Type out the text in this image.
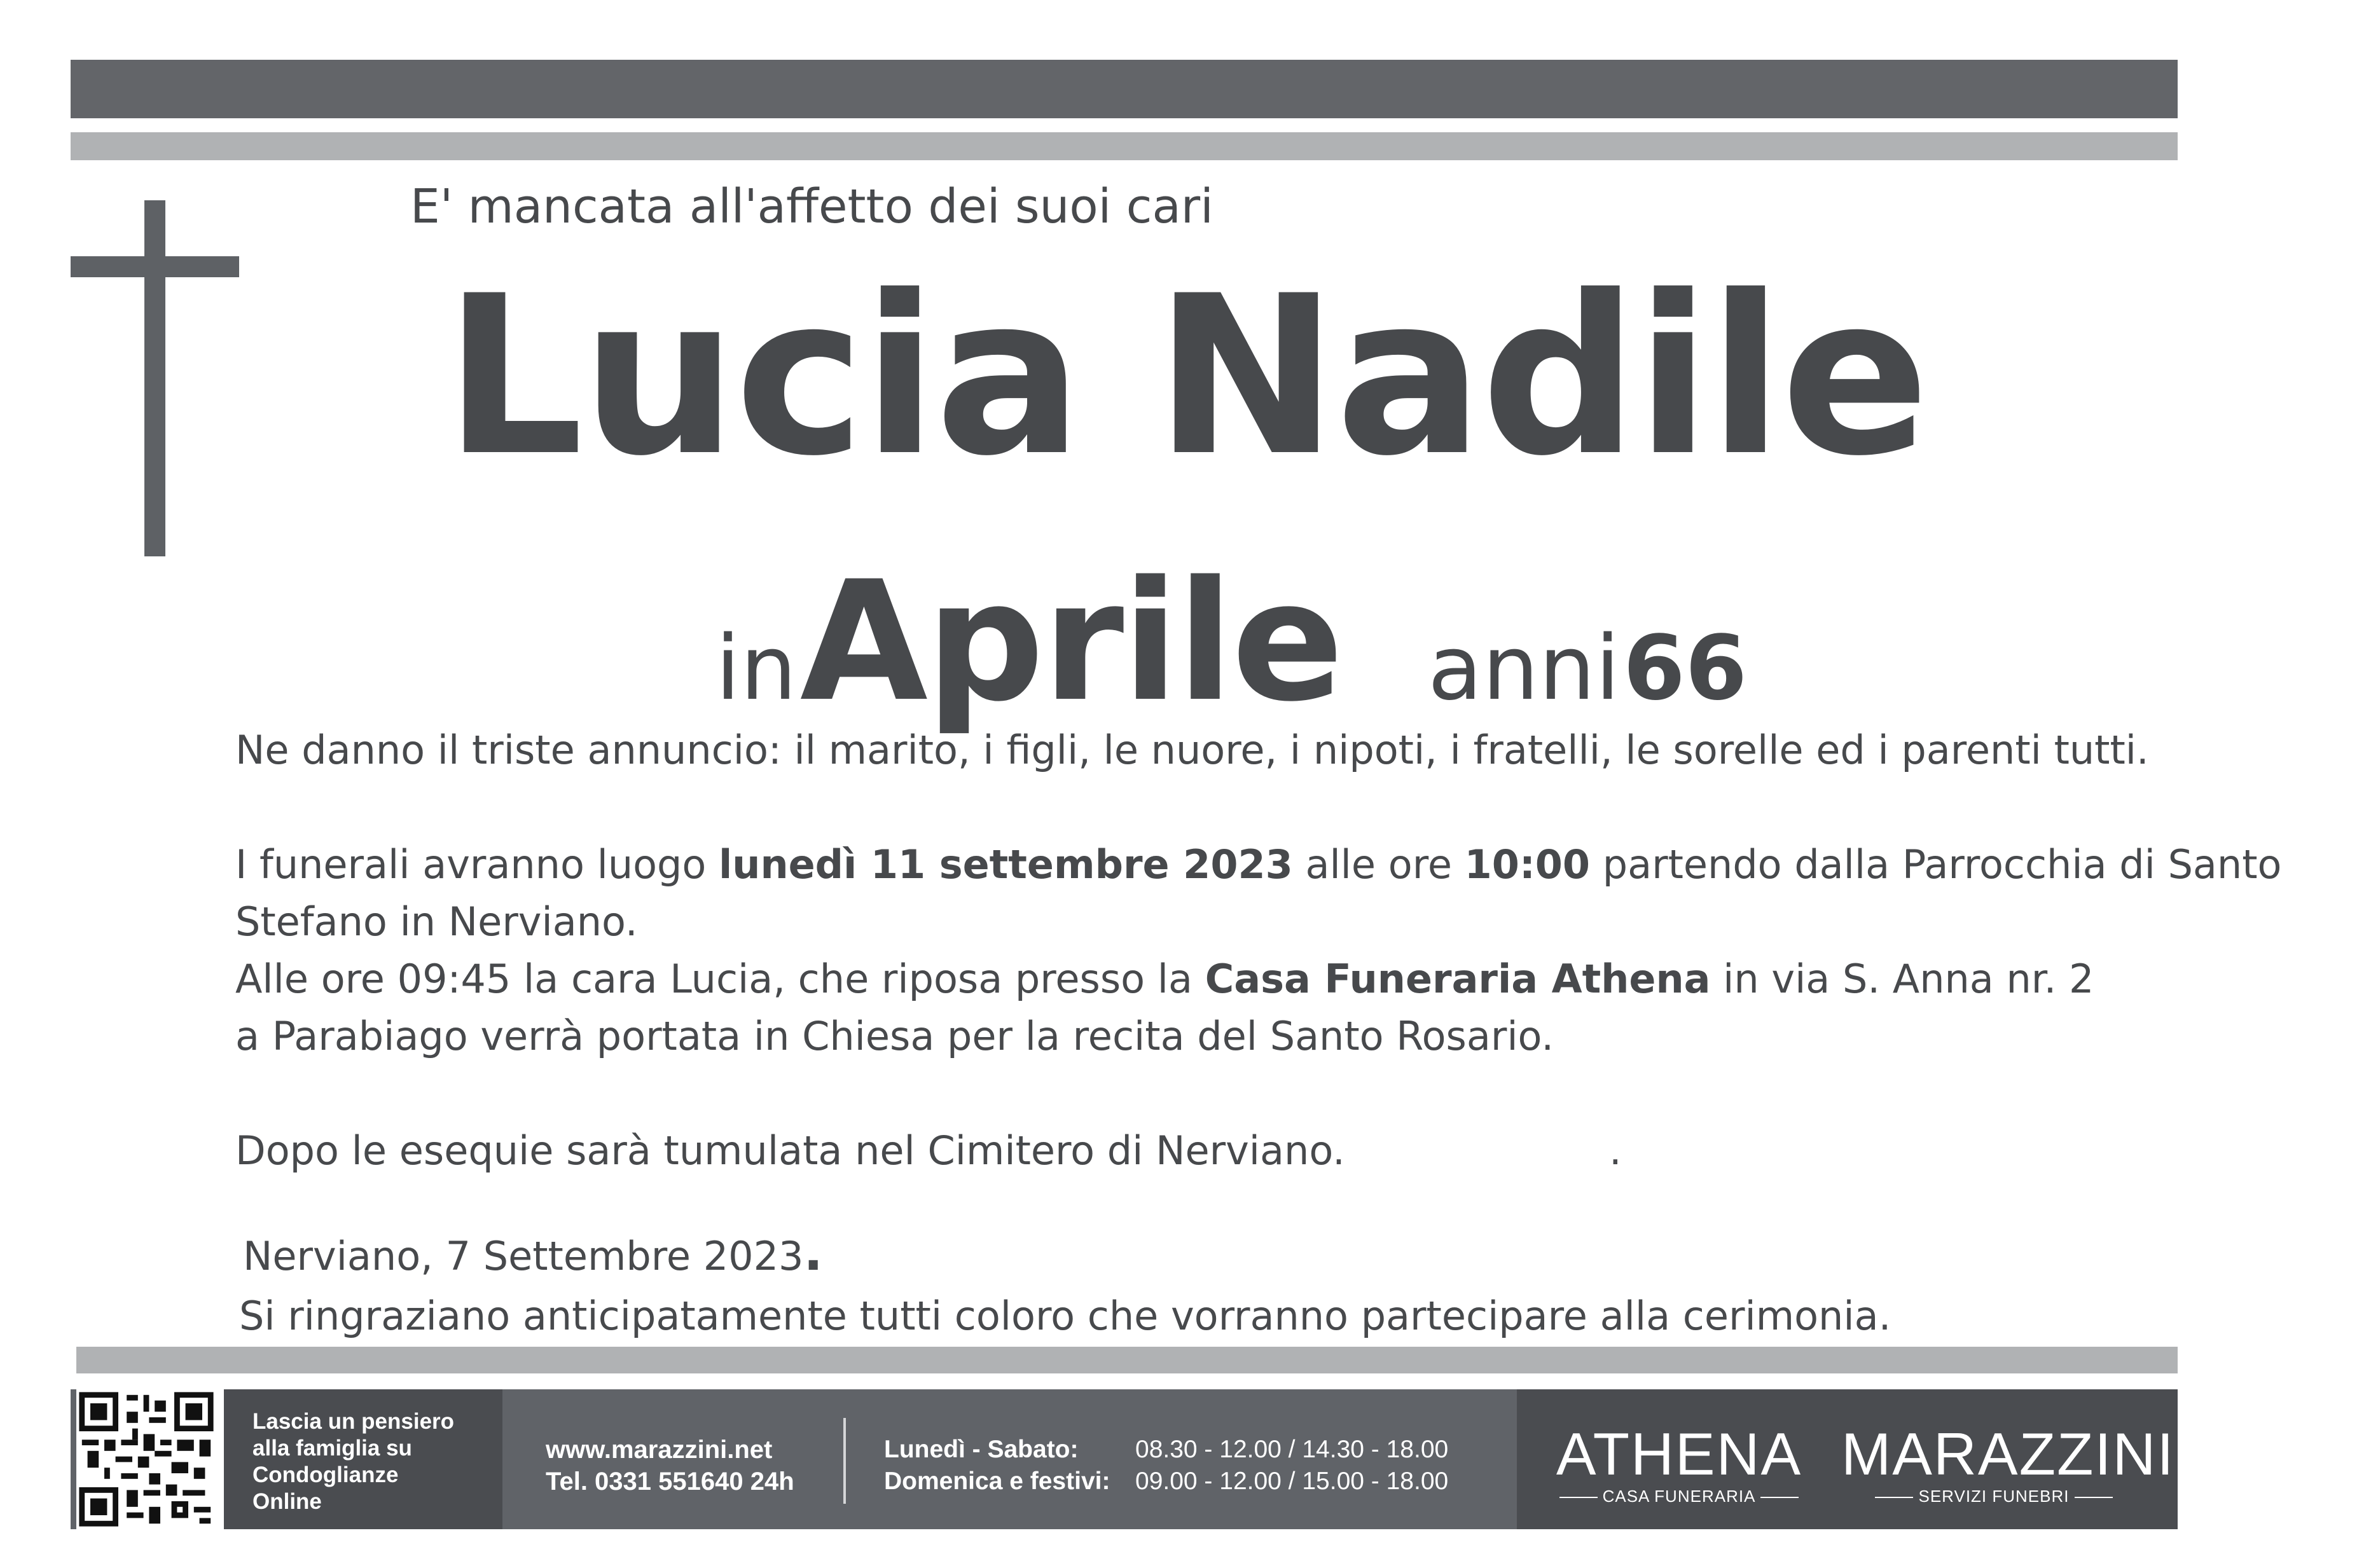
E' mancata all'affetto dei suoi cari
Lucia Nadile
in Aprile anni 66
Ne danno il triste annuncio: il marito, i figli, le nuore, i nipoti, i fratelli, le sorelle ed i parenti tutti.
I funerali avranno luogo lunedì 11 settembre 2023 alle ore 10:00 partendo dalla Parrocchia di Santo
Stefano in Nerviano.
Alle ore 09:45 la cara Lucia, che riposa presso la Casa Funeraria Athena in via S. Anna nr. 2
a Parabiago verrà portata in Chiesa per la recita del Santo Rosario.
Dopo le esequie sarà tumulata nel Cimitero di Nerviano.	.
Nerviano, 7 Settembre 2023.
Si ringraziano anticipatamente tutti coloro che vorranno partecipare alla cerimonia.
Lascia un pensiero
alla famiglia su
Condoglianze
Online
www.marazzini.net
Tel. 0331 551640 24h
Lunedì - Sabato:
Domenica e festivi:
08.30 - 12.00 / 14.30 - 18.00
09.00 - 12.00 / 15.00 - 18.00 ATHENA
CASA FUNERARIA
MARAZZINI
SERVIZI FUNEBRI
